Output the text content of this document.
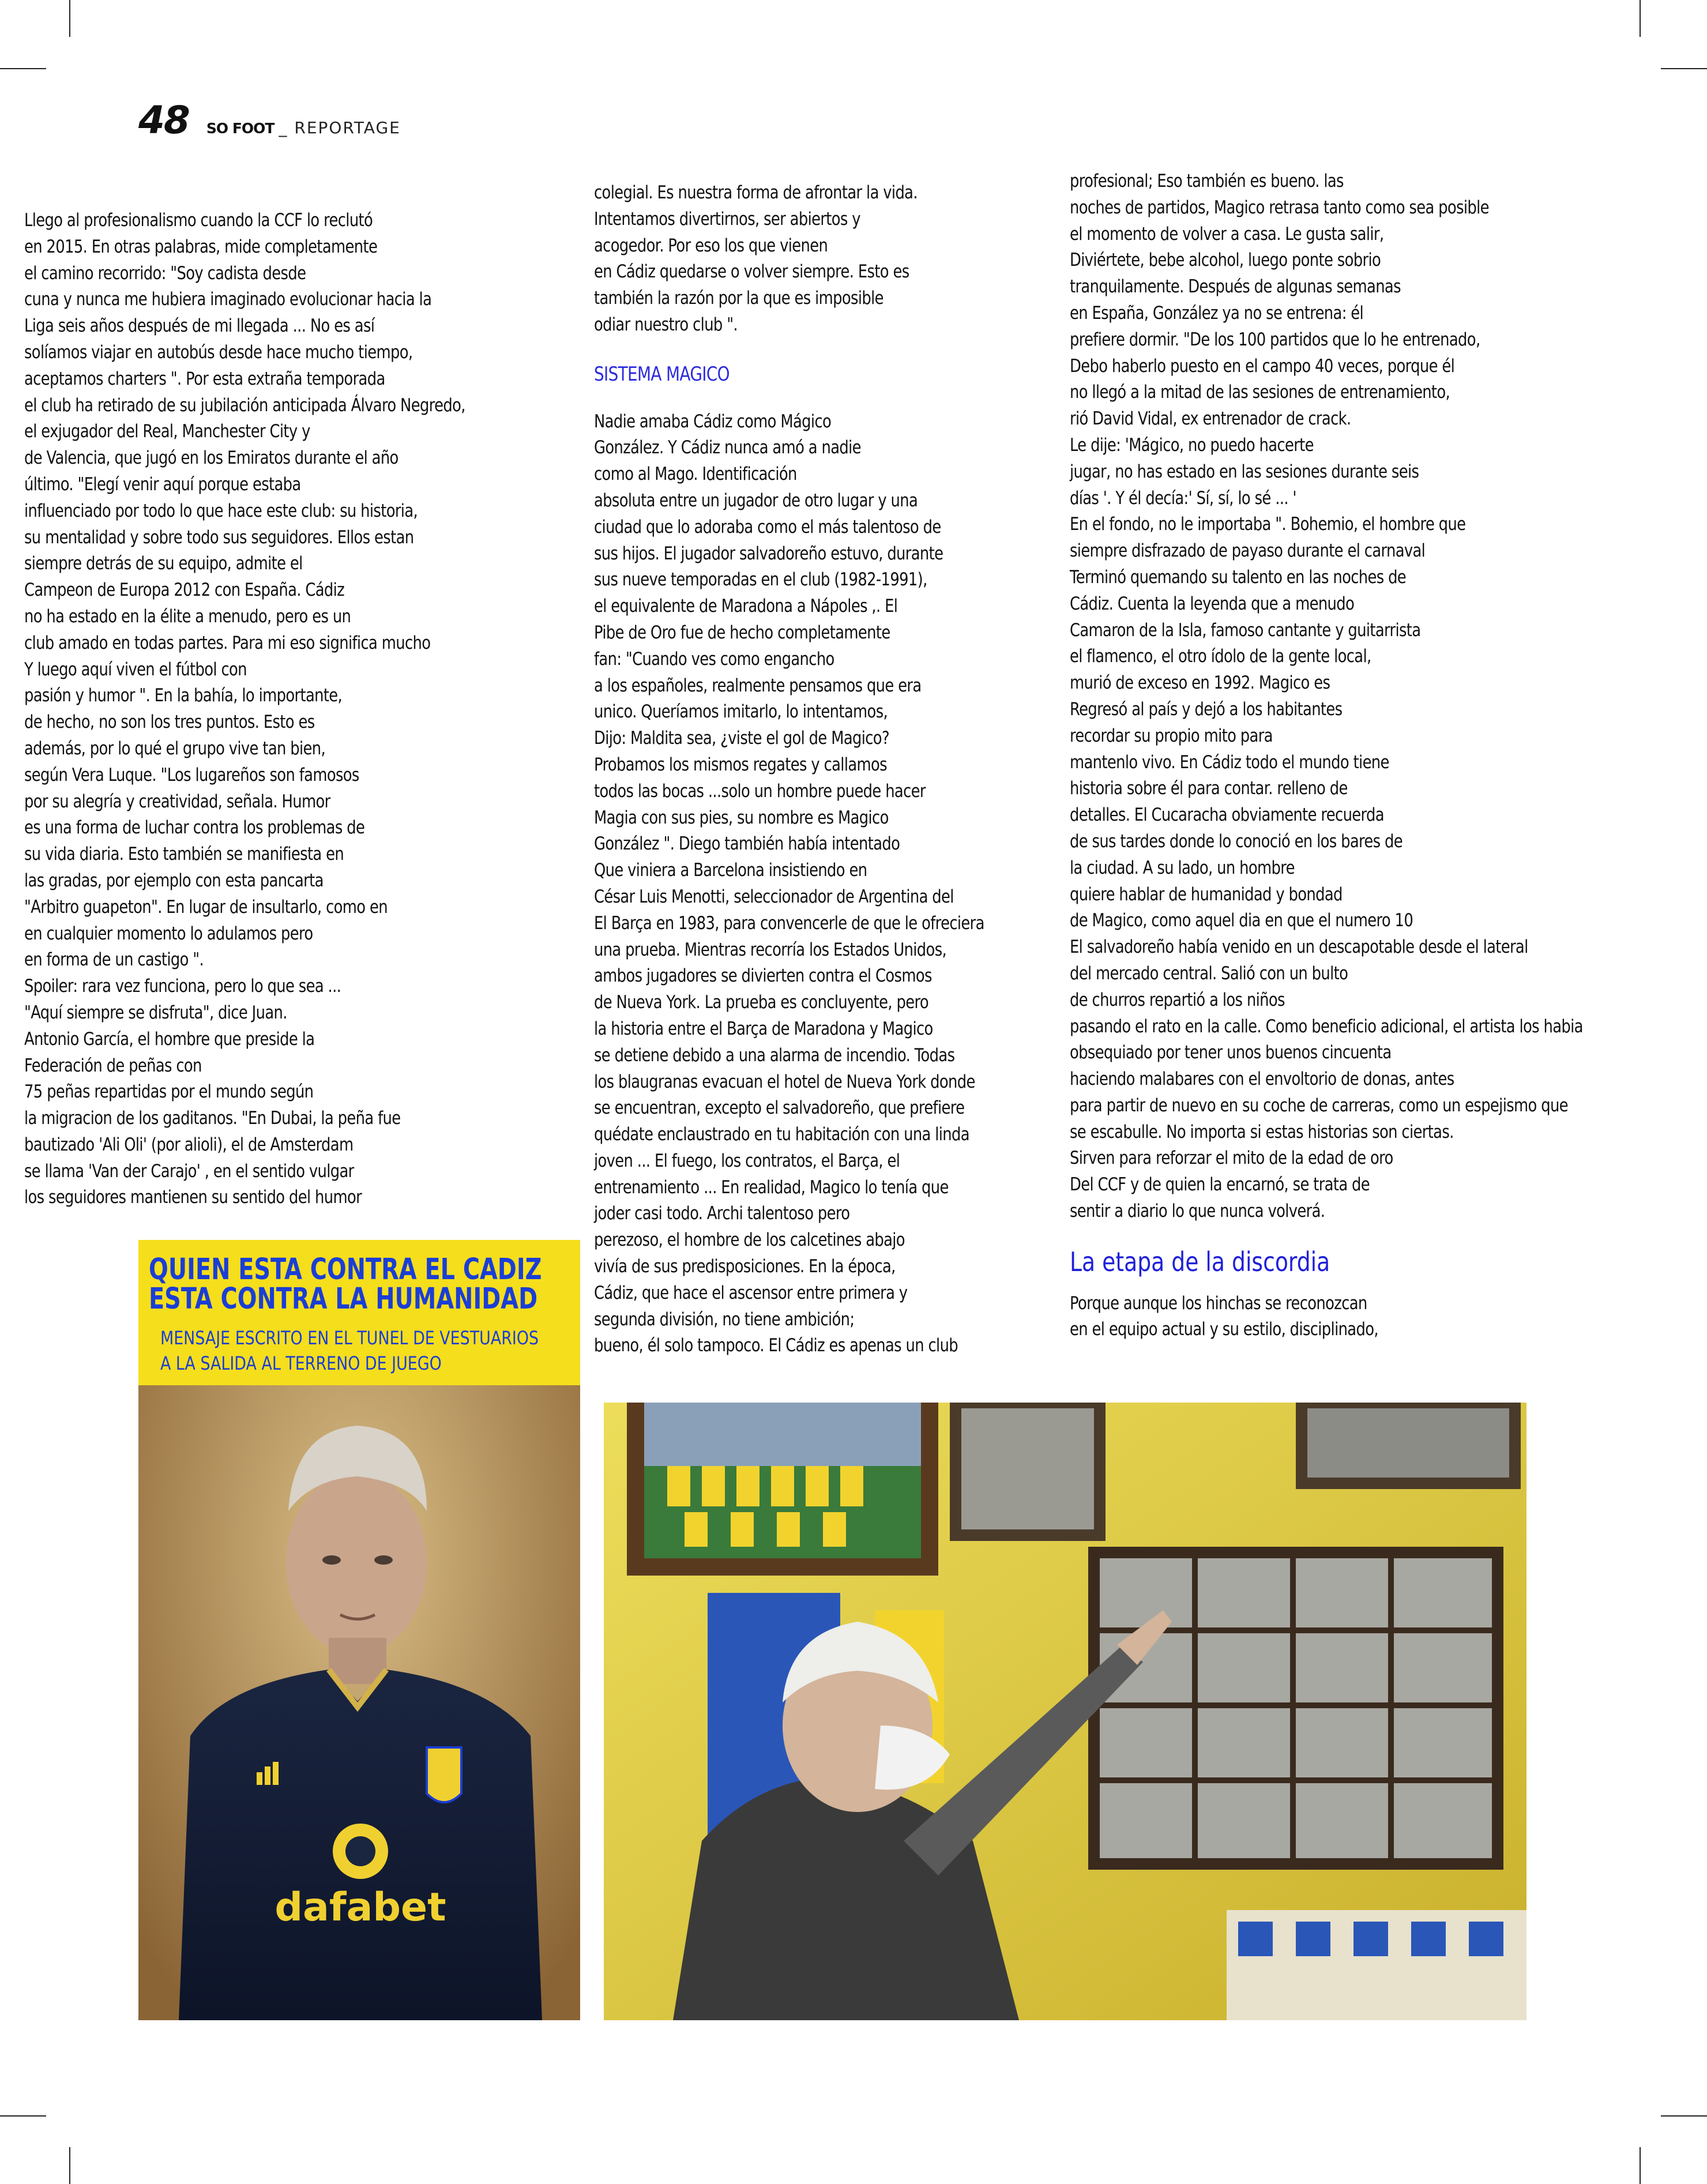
48 SO FOOT _ REPORTAGE

Llego al profesionalismo cuando la CCF lo reclutó

en 2015. En otras palabras, mide completamente

el camino recorrido: "Soy cadista desde

cuna y nunca me hubiera imaginado evolucionar hacia la

Liga seis años después de mi llegada ... No es así

solíamos viajar en autobús desde hace mucho tiempo,

aceptamos charters ". Por esta extraña temporada

el club ha retirado de su jubilación anticipada Álvaro Negredo,

el exjugador del Real, Manchester City y

de Valencia, que jugó en los Emiratos durante el año

último. "Elegí venir aquí porque estaba

influenciado por todo lo que hace este club: su historia,

su mentalidad y sobre todo sus seguidores. Ellos estan

siempre detrás de su equipo, admite el

Campeon de Europa 2012 con España. Cádiz

no ha estado en la élite a menudo, pero es un

club amado en todas partes. Para mi eso significa mucho

Y luego aquí viven el fútbol con

pasión y humor ". En la bahía, lo importante,

de hecho, no son los tres puntos. Esto es

además, por lo qué el grupo vive tan bien,

según Vera Luque. "Los lugareños son famosos

por su alegría y creatividad, señala. Humor

es una forma de luchar contra los problemas de

su vida diaria. Esto también se manifiesta en

las gradas, por ejemplo con esta pancarta

"Arbitro guapeton". En lugar de insultarlo, como en

en cualquier momento lo adulamos pero

en forma de un castigo ".

Spoiler: rara vez funciona, pero lo que sea ...

"Aquí siempre se disfruta", dice Juan.

Antonio García, el hombre que preside la

Federación de peñas con

75 peñas repartidas por el mundo según

la migracion de los gaditanos. "En Dubai, la peña fue

bautizado 'Ali Oli' (por alioli), el de Amsterdam

se llama 'Van der Carajo' , en el sentido vulgar

los seguidores mantienen su sentido del humor

colegial. Es nuestra forma de afrontar la vida.

Intentamos divertirnos, ser abiertos y

acogedor. Por eso los que vienen

en Cádiz quedarse o volver siempre. Esto es

también la razón por la que es imposible

odiar nuestro club ".

SISTEMA MAGICO

Nadie amaba Cádiz como Mágico

González. Y Cádiz nunca amó a nadie

como al Mago. Identificación

absoluta entre un jugador de otro lugar y una

ciudad que lo adoraba como el más talentoso de

sus hijos. El jugador salvadoreño estuvo, durante

sus nueve temporadas en el club (1982-1991),

el equivalente de Maradona a Nápoles ,. El

Pibe de Oro fue de hecho completamente

fan: "Cuando ves como engancho

a los españoles, realmente pensamos que era

unico. Queríamos imitarlo, lo intentamos,

Dijo: Maldita sea, ¿viste el gol de Magico?

Probamos los mismos regates y callamos

todos las bocas ...solo un hombre puede hacer

Magia con sus pies, su nombre es Magico

González ". Diego también había intentado

Que viniera a Barcelona insistiendo en

César Luis Menotti, seleccionador de Argentina del

El Barça en 1983, para convencerle de que le ofreciera

una prueba. Mientras recorría los Estados Unidos,

ambos jugadores se divierten contra el Cosmos

de Nueva York. La prueba es concluyente, pero

la historia entre el Barça de Maradona y Magico

se detiene debido a una alarma de incendio. Todas

los blaugranas evacuan el hotel de Nueva York donde

se encuentran, excepto el salvadoreño, que prefiere

quédate enclaustrado en tu habitación con una linda

joven ... El fuego, los contratos, el Barça, el

entrenamiento ... En realidad, Magico lo tenía que

joder casi todo. Archi talentoso pero

perezoso, el hombre de los calcetines abajo

vivía de sus predisposiciones. En la época,

Cádiz, que hace el ascensor entre primera y

segunda división, no tiene ambición;

bueno, él solo tampoco. El Cádiz es apenas un club

profesional; Eso también es bueno. las

noches de partidos, Magico retrasa tanto como sea posible

el momento de volver a casa. Le gusta salir,

Diviértete, bebe alcohol, luego ponte sobrio

tranquilamente. Después de algunas semanas

en España, González ya no se entrena: él

prefiere dormir. "De los 100 partidos que lo he entrenado,

Debo haberlo puesto en el campo 40 veces, porque él

no llegó a la mitad de las sesiones de entrenamiento,

rió David Vidal, ex entrenador de crack.

Le dije: 'Mágico, no puedo hacerte

jugar, no has estado en las sesiones durante seis

días '. Y él decía:' Sí, sí, lo sé ... '

En el fondo, no le importaba ". Bohemio, el hombre que

siempre disfrazado de payaso durante el carnaval

Terminó quemando su talento en las noches de

Cádiz. Cuenta la leyenda que a menudo

Camaron de la Isla, famoso cantante y guitarrista

el flamenco, el otro ídolo de la gente local,

murió de exceso en 1992. Magico es

Regresó al país y dejó a los habitantes

recordar su propio mito para

mantenlo vivo. En Cádiz todo el mundo tiene

historia sobre él para contar. relleno de

detalles. El Cucaracha obviamente recuerda

de sus tardes donde lo conoció en los bares de

la ciudad. A su lado, un hombre

quiere hablar de humanidad y bondad

de Magico, como aquel dia en que el numero 10

El salvadoreño había venido en un descapotable desde el lateral

del mercado central. Salió con un bulto

de churros repartió a los niños

pasando el rato en la calle. Como beneficio adicional, el artista los habia

obsequiado por tener unos buenos cincuenta

haciendo malabares con el envoltorio de donas, antes

para partir de nuevo en su coche de carreras, como un espejismo que

se escabulle. No importa si estas historias son ciertas.

Sirven para reforzar el mito de la edad de oro

Del CCF y de quien la encarnó, se trata de

sentir a diario lo que nunca volverá.

La etapa de la discordia

Porque aunque los hinchas se reconozcan

en el equipo actual y su estilo, disciplinado,

dafabet
QUIEN ESTA CONTRA EL CADIZ
ESTA CONTRA LA HUMANIDAD
MENSAJE ESCRITO EN EL TUNEL DE VESTUARIOS
A LA SALIDA AL TERRENO DE JUEGO
